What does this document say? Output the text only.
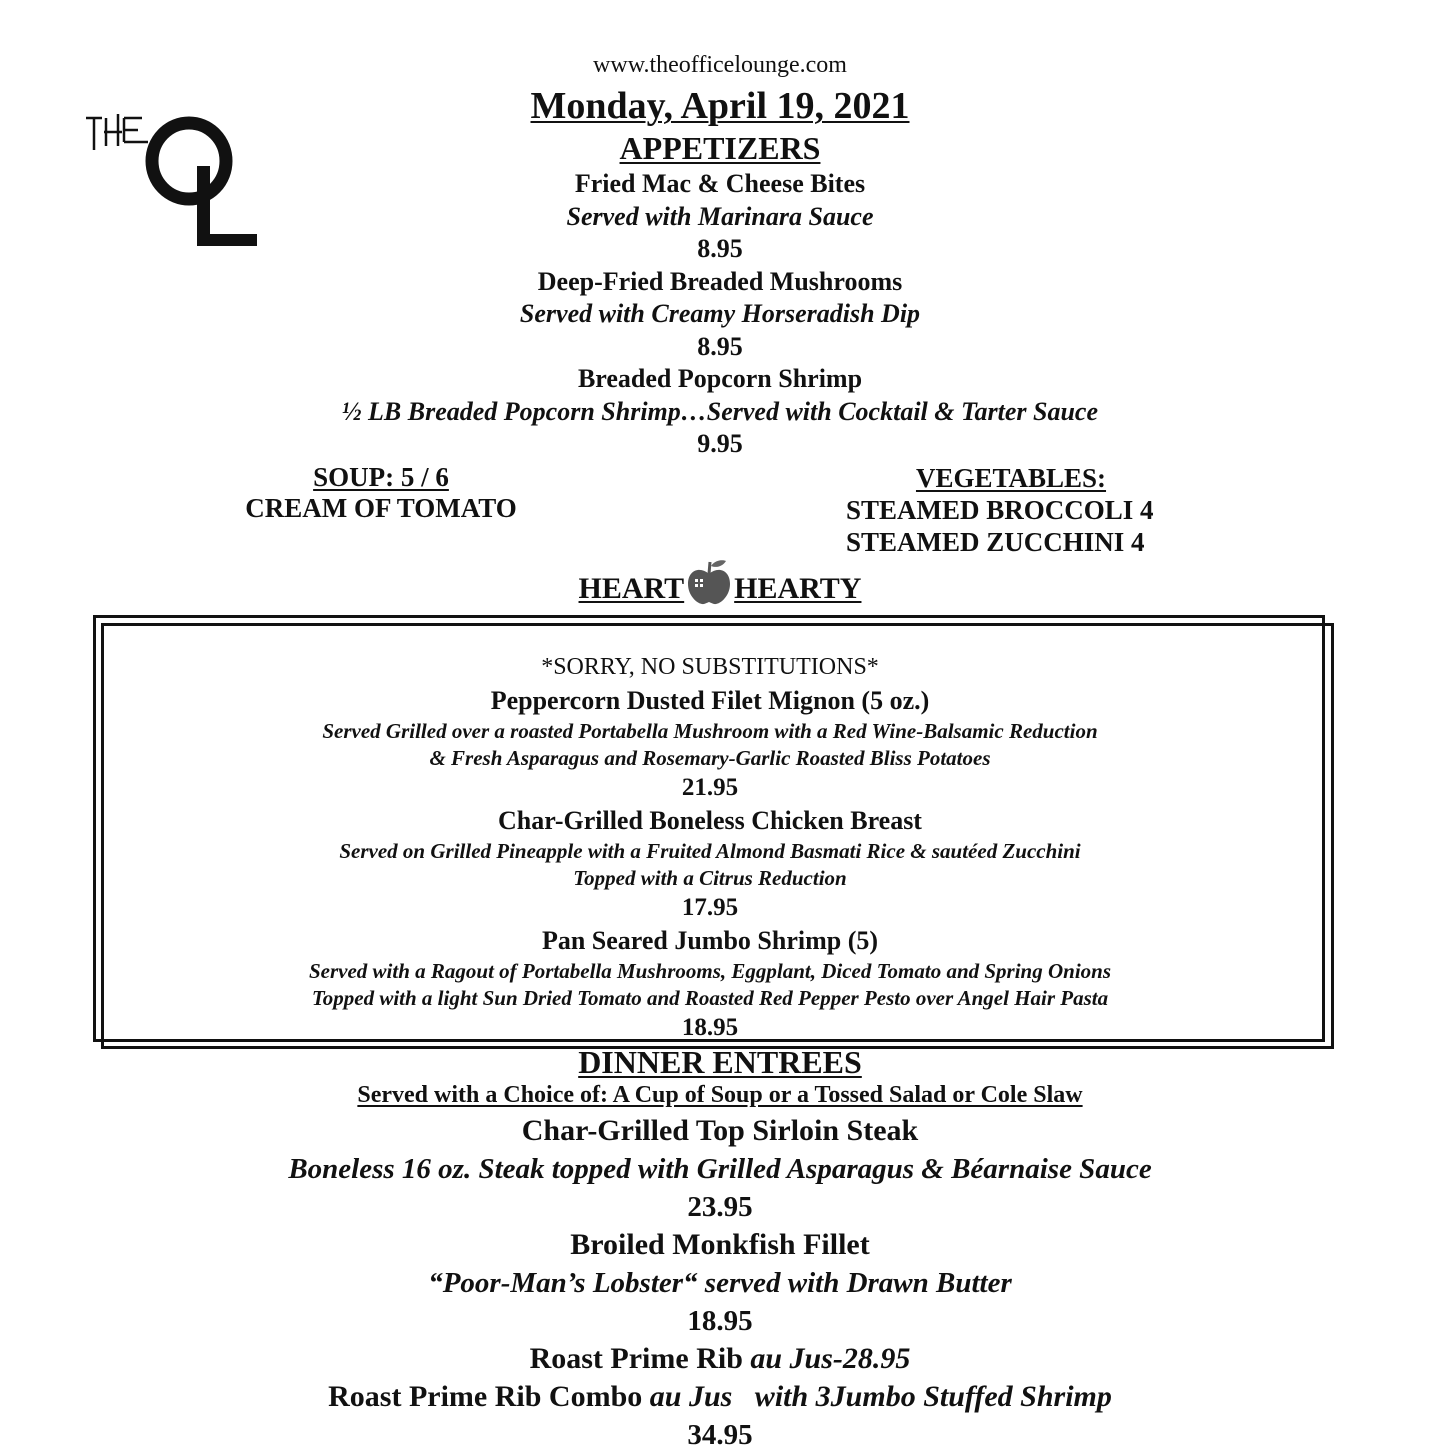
www.theofficelounge.com
Monday, April 19, 2021
APPETIZERS
Fried Mac & Cheese Bites
Served with Marinara Sauce
8.95
Deep-Fried Breaded Mushrooms
Served with Creamy Horseradish Dip
8.95
Breaded Popcorn Shrimp
½ LB Breaded Popcorn Shrimp…Served with Cocktail & Tarter Sauce
9.95
SOUP: 5 / 6
CREAM OF TOMATO
VEGETABLES:
STEAMED BROCCOLI 4
STEAMED ZUCCHINI 4
HEART HEARTY
*SORRY, NO SUBSTITUTIONS*
Peppercorn Dusted Filet Mignon (5 oz.)
Served Grilled over a roasted Portabella Mushroom with a Red Wine-Balsamic Reduction
& Fresh Asparagus and Rosemary-Garlic Roasted Bliss Potatoes
21.95
Char-Grilled Boneless Chicken Breast
Served on Grilled Pineapple with a Fruited Almond Basmati Rice & sautéed Zucchini
Topped with a Citrus Reduction
17.95
Pan Seared Jumbo Shrimp (5)
Served with a Ragout of Portabella Mushrooms, Eggplant, Diced Tomato and Spring Onions
Topped with a light Sun Dried Tomato and Roasted Red Pepper Pesto over Angel Hair Pasta
18.95
DINNER ENTREES
Served with a Choice of: A Cup of Soup or a Tossed Salad or Cole Slaw
Char-Grilled Top Sirloin Steak
Boneless 16 oz. Steak topped with Grilled Asparagus & Béarnaise Sauce
23.95
Broiled Monkfish Fillet
“Poor-Man’s Lobster“ served with Drawn Butter
18.95
Roast Prime Rib au Jus-28.95
Roast Prime Rib Combo au Jus   with 3Jumbo Stuffed Shrimp
34.95
